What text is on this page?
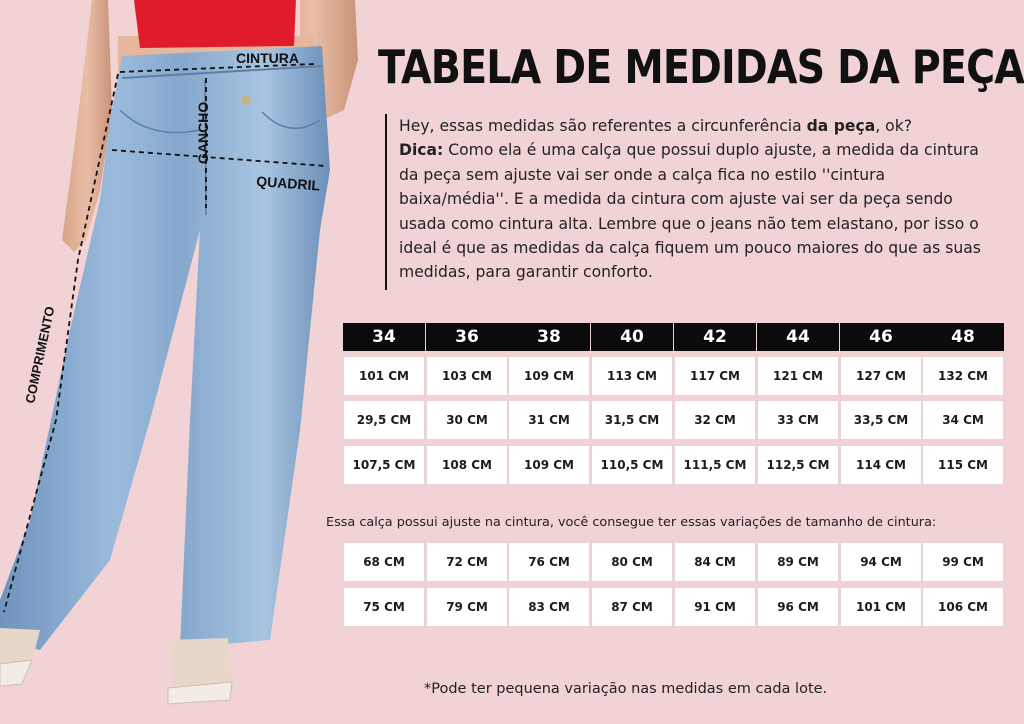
CINTURA
GANCHO
QUADRIL
COMPRIMENTO
TABELA DE MEDIDAS DA PEÇA
Hey, essas medidas são referentes a circunferência da peça, ok?
Dica: Como ela é uma calça que possui duplo ajuste, a medida da cintura da peça sem ajuste vai ser onde a calça fica no estilo ''cintura baixa/média''. E a medida da cintura com ajuste vai ser da peça sendo usada como cintura alta. Lembre que o jeans não tem elastano, por isso o ideal é que as medidas da calça fiquem um pouco maiores do que as suas medidas, para garantir conforto.
34	36	38	40	42	44	46	48
101 CM	103 CM	109 CM	113 CM	117 CM	121 CM	127 CM	132 CM
29,5 CM	30 CM	31 CM	31,5 CM	32 CM	33 CM	33,5 CM	34 CM
107,5 CM	108 CM	109 CM	110,5 CM	111,5 CM	112,5 CM	114 CM	115 CM
68 CM	72 CM	76 CM	80 CM	84 CM	89 CM	94 CM	99 CM
75 CM	79 CM	83 CM	87 CM	91 CM	96 CM	101 CM	106 CM
Essa calça possui ajuste na cintura, você consegue ter essas variações de tamanho de cintura:
*Pode ter pequena variação nas medidas em cada lote.
